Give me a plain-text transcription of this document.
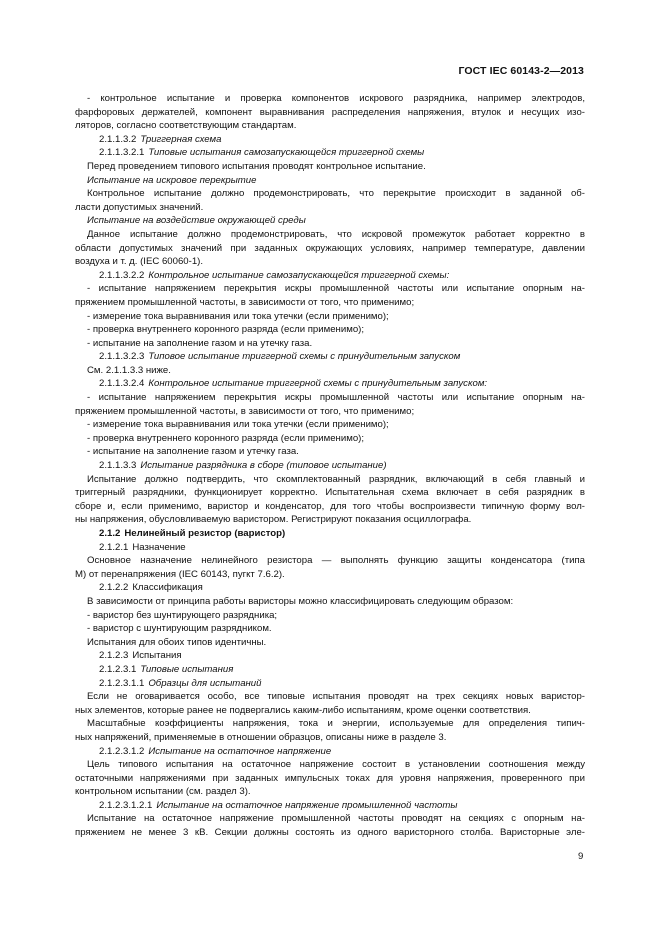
ГОСТ IEC 60143-2—2013
- контрольное испытание и проверка компонентов искрового разрядника, например электродов,
фарфоровых держателей, компонент выравнивания распределения напряжения, втулок и несущих изо-
ляторов, согласно соответствующим стандартам.
2.1.1.3.2 Триггерная схема
2.1.1.3.2.1 Типовые испытания самозапускающейся триггерной схемы
Перед проведением типового испытания проводят контрольное испытание.
Испытание на искровое перекрытие
Контрольное испытание должно продемонстрировать, что перекрытие происходит в заданной об-
ласти допустимых значений.
Испытание на воздействие окружающей среды
Данное испытание должно продемонстрировать, что искровой промежуток работает корректно в
области допустимых значений при заданных окружающих условиях, например температуре, давлении
воздуха и т. д. (IEC 60060-1).
2.1.1.3.2.2 Контрольное испытание самозапускающейся триггерной схемы:
- испытание напряжением перекрытия искры промышленной частоты или испытание опорным на-
пряжением промышленной частоты, в зависимости от того, что применимо;
- измерение тока выравнивания или тока утечки (если применимо);
- проверка внутреннего коронного разряда (если применимо);
- испытание на заполнение газом и на утечку газа.
2.1.1.3.2.3 Типовое испытание триггерной схемы с принудительным запуском
См. 2.1.1.3.3 ниже.
2.1.1.3.2.4 Контрольное испытание триггерной схемы с принудительным запуском:
- испытание напряжением перекрытия искры промышленной частоты или испытание опорным на-
пряжением промышленной частоты, в зависимости от того, что применимо;
- измерение тока выравнивания или тока утечки (если применимо);
- проверка внутреннего коронного разряда (если применимо);
- испытание на заполнение газом и утечку газа.
2.1.1.3.3 Испытание разрядника в сборе (типовое испытание)
Испытание должно подтвердить, что скомплектованный разрядник, включающий в себя главный и
триггерный разрядники, функционирует корректно. Испытательная схема включает в себя разрядник в
сборе и, если применимо, варистор и конденсатор, для того чтобы воспроизвести типичную форму вол-
ны напряжения, обусловливаемую варистором. Регистрируют показания осциллографа.
2.1.2 Нелинейный резистор (варистор)
2.1.2.1 Назначение
Основное назначение нелинейного резистора — выполнять функцию защиты конденсатора (типа
М) от перенапряжения (IEC 60143, пугкт 7.6.2).
2.1.2.2 Классификация
В зависимости от принципа работы варисторы можно классифицировать следующим образом:
- варистор без шунтирующего разрядника;
- варистор с шунтирующим разрядником.
Испытания для обоих типов идентичны.
2.1.2.3 Испытания
2.1.2.3.1 Типовые испытания
2.1.2.3.1.1 Образцы для испытаний
Если не оговаривается особо, все типовые испытания проводят на трех секциях новых варистор-
ных элементов, которые ранее не подвергались каким-либо испытаниям, кроме оценки соответствия.
Масштабные коэффициенты напряжения, тока и энергии, используемые для определения типич-
ных напряжений, применяемые в отношении образцов, описаны ниже в разделе 3.
2.1.2.3.1.2 Испытание на остаточное напряжение
Цель типового испытания на остаточное напряжение состоит в установлении соотношения между
остаточными напряжениями при заданных импульсных токах для уровня напряжения, проверенного при
контрольном испытании (см. раздел 3).
2.1.2.3.1.2.1 Испытание на остаточное напряжение промышленной частоты
Испытание на остаточное напряжение промышленной частоты проводят на секциях с опорным на-
пряжением не менее 3 кВ. Секции должны состоять из одного варисторного столба. Варисторные эле-
9
